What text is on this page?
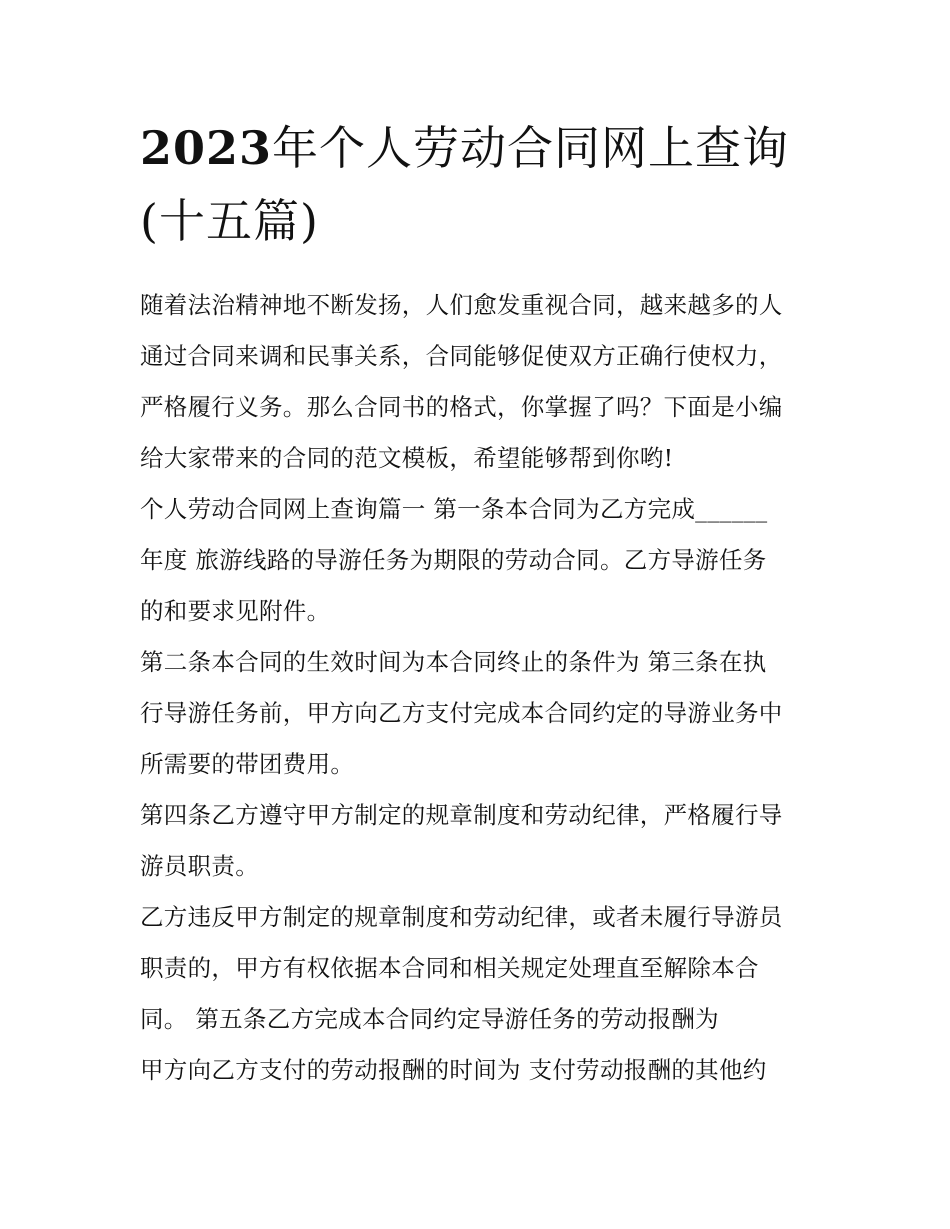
2023年个人劳动合同网上查询
(十五篇)

随着法治精神地不断发扬，人们愈发重视合同，越来越多的人
通过合同来调和民事关系，合同能够促使双方正确行使权力，
严格履行义务。那么合同书的格式，你掌握了吗？下面是小编
给大家带来的合同的范文模板，希望能够帮到你哟!

个人劳动合同网上查询篇一 第一条本合同为乙方完成______
年度 旅游线路的导游任务为期限的劳动合同。乙方导游任务
的和要求见附件。

第二条本合同的生效时间为本合同终止的条件为 第三条在执
行导游任务前，甲方向乙方支付完成本合同约定的导游业务中
所需要的带团费用。

第四条乙方遵守甲方制定的规章制度和劳动纪律，严格履行导
游员职责。

乙方违反甲方制定的规章制度和劳动纪律，或者未履行导游员
职责的，甲方有权依据本合同和相关规定处理直至解除本合
同。 第五条乙方完成本合同约定导游任务的劳动报酬为
甲方向乙方支付的劳动报酬的时间为 支付劳动报酬的其他约
